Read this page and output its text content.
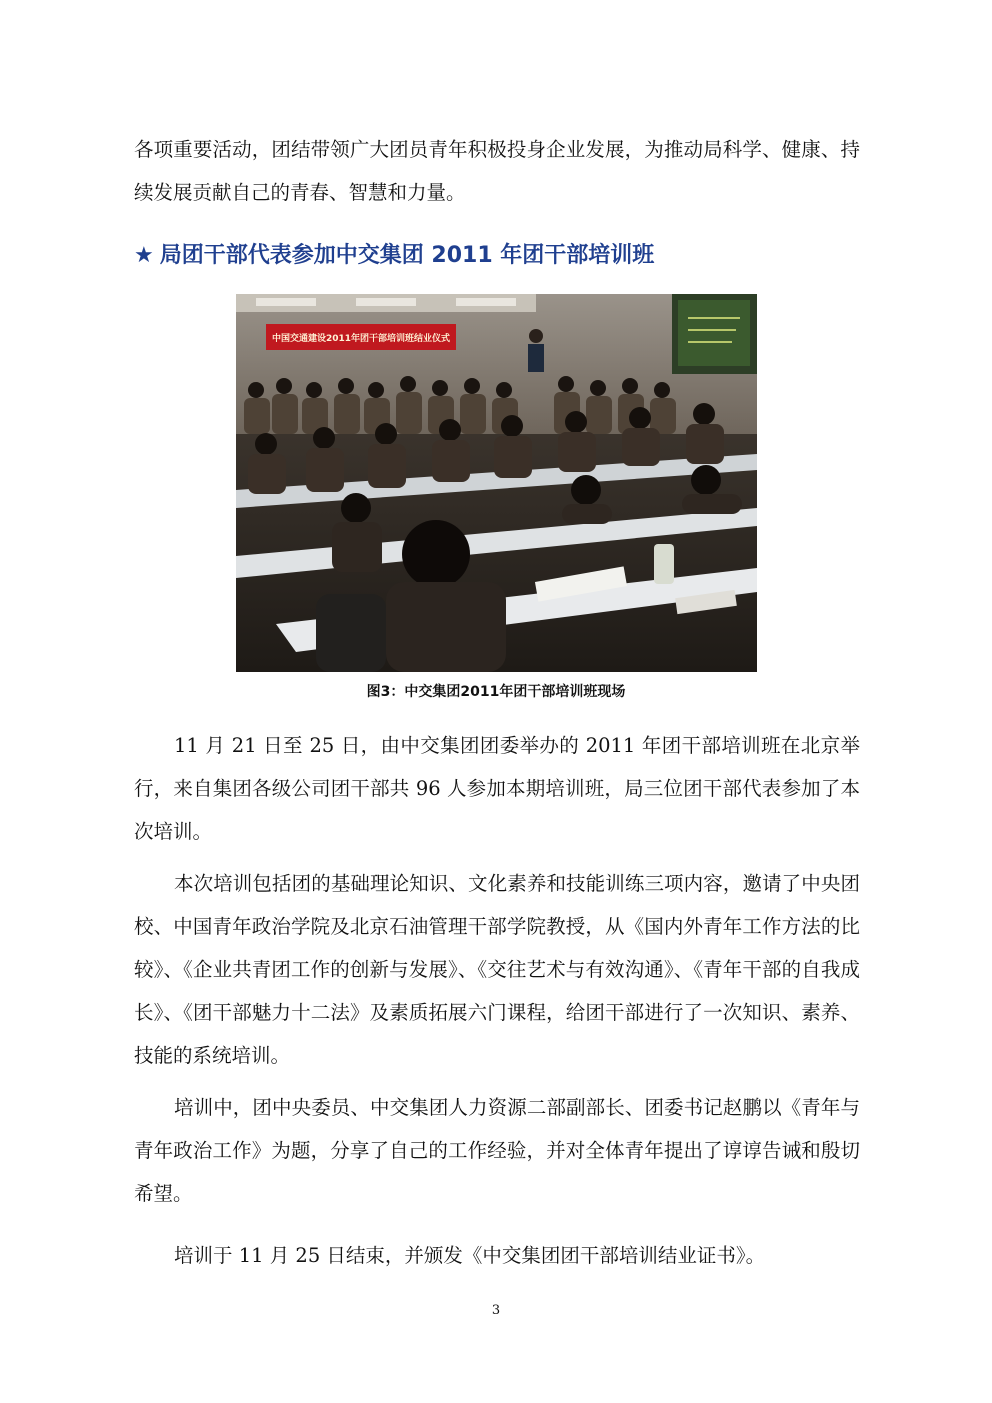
各项重要活动，团结带领广大团员青年积极投身企业发展，为推动局科学、健康、持续发展贡献自己的青春、智慧和力量。

★ 局团干部代表参加中交集团 2011 年团干部培训班
中国交通建设2011年团干部培训班结业仪式

图3：中交集团2011年团干部培训班现场

11 月 21 日至 25 日，由中交集团团委举办的 2011 年团干部培训班在北京举行，来自集团各级公司团干部共 96 人参加本期培训班，局三位团干部代表参加了本次培训。

本次培训包括团的基础理论知识、文化素养和技能训练三项内容，邀请了中央团校、中国青年政治学院及北京石油管理干部学院教授，从《国内外青年工作方法的比较》、《企业共青团工作的创新与发展》、《交往艺术与有效沟通》、《青年干部的自我成长》、《团干部魅力十二法》及素质拓展六门课程，给团干部进行了一次知识、素养、技能的系统培训。

培训中，团中央委员、中交集团人力资源二部副部长、团委书记赵鹏以《青年与青年政治工作》为题，分享了自己的工作经验，并对全体青年提出了谆谆告诫和殷切希望。

培训于 11 月 25 日结束，并颁发《中交集团团干部培训结业证书》。

3
